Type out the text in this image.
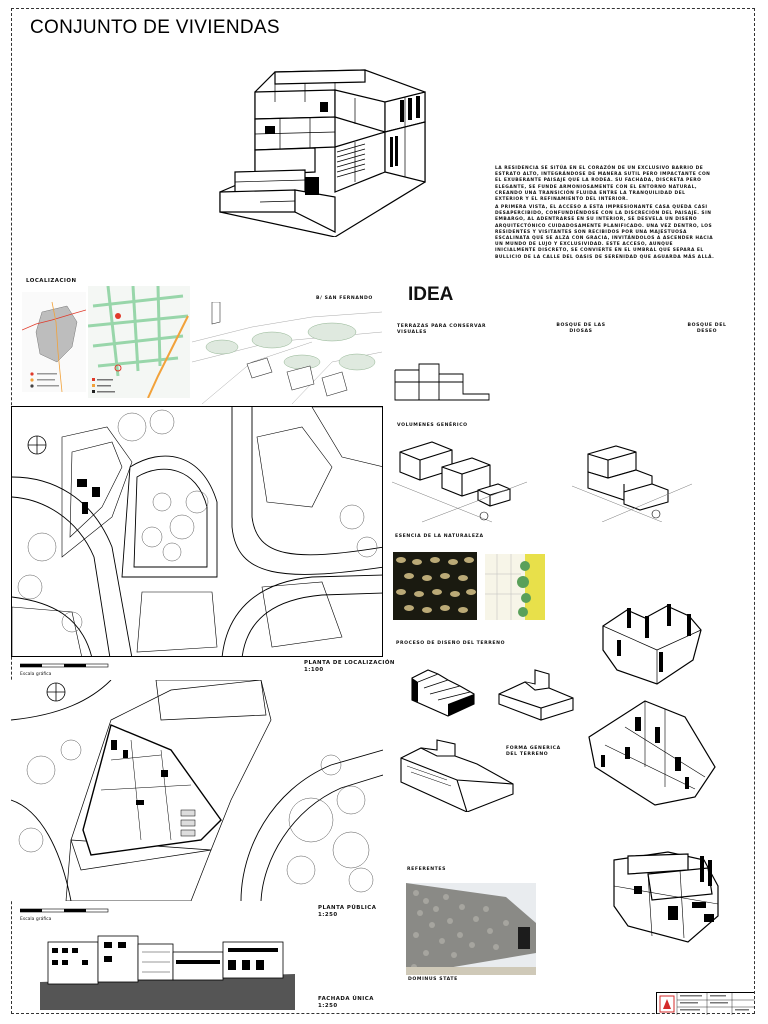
CONJUNTO DE VIVIENDAS
LA RESIDENCIA SE SITÚA EN EL CORAZÓN DE UN EXCLUSIVO BARRIO DE ESTRATO ALTO, INTEGRÁNDOSE DE MANERA SUTIL PERO IMPACTANTE CON EL EXUBERANTE PAISAJE QUE LA RODEA. SU FACHADA, DISCRETA PERO ELEGANTE, SE FUNDE ARMONIOSAMENTE CON EL ENTORNO NATURAL, CREANDO UNA TRANSICIÓN FLUIDA ENTRE LA TRANQUILIDAD DEL EXTERIOR Y EL REFINAMIENTO DEL INTERIOR.
A PRIMERA VISTA, EL ACCESO A ESTA IMPRESIONANTE CASA QUEDA CASI DESAPERCIBIDO, CONFUNDIÉNDOSE CON LA DISCRECIÓN DEL PAISAJE. SIN EMBARGO, AL ADENTRARSE EN SU INTERIOR, SE DESVELA UN DISEÑO ARQUITECTÓNICO CUIDADOSAMENTE PLANIFICADO. UNA VEZ DENTRO, LOS RESIDENTES Y VISITANTES SON RECIBIDOS POR UNA MAJESTUOSA ESCALINATA QUE SE ALZA CON GRACIA, INVITÁNDOLOS A ASCENDER HACIA UN MUNDO DE LUJO Y EXCLUSIVIDAD. ESTE ACCESO, AUNQUE INICIALMENTE DISCRETO, SE CONVIERTE EN EL UMBRAL QUE SEPARA EL BULLICIO DE LA CALLE DEL OASIS DE SERENIDAD QUE AGUARDA MÁS ALLÁ.
LOCALIZACION
B/ SAN FERNANDO
Escala gráfica
PLANTA DE LOCALIZACIÓN
1:100
Escala gráfica
PLANTA PÚBLICA
1:250
FACHADA ÚNICA
1:250
IDEA
TERRAZAS PARA CONSERVAR VISUALES
BOSQUE DE LAS DIOSAS
BOSQUE DEL DESEO
VOLUMENES GENÉRICO
ESENCIA DE LA NATURALEZA
PROCESO DE DISEÑO DEL TERRENO
FORMA GENERICA DEL TERRENO
REFERENTES
DOMINUS STATE
